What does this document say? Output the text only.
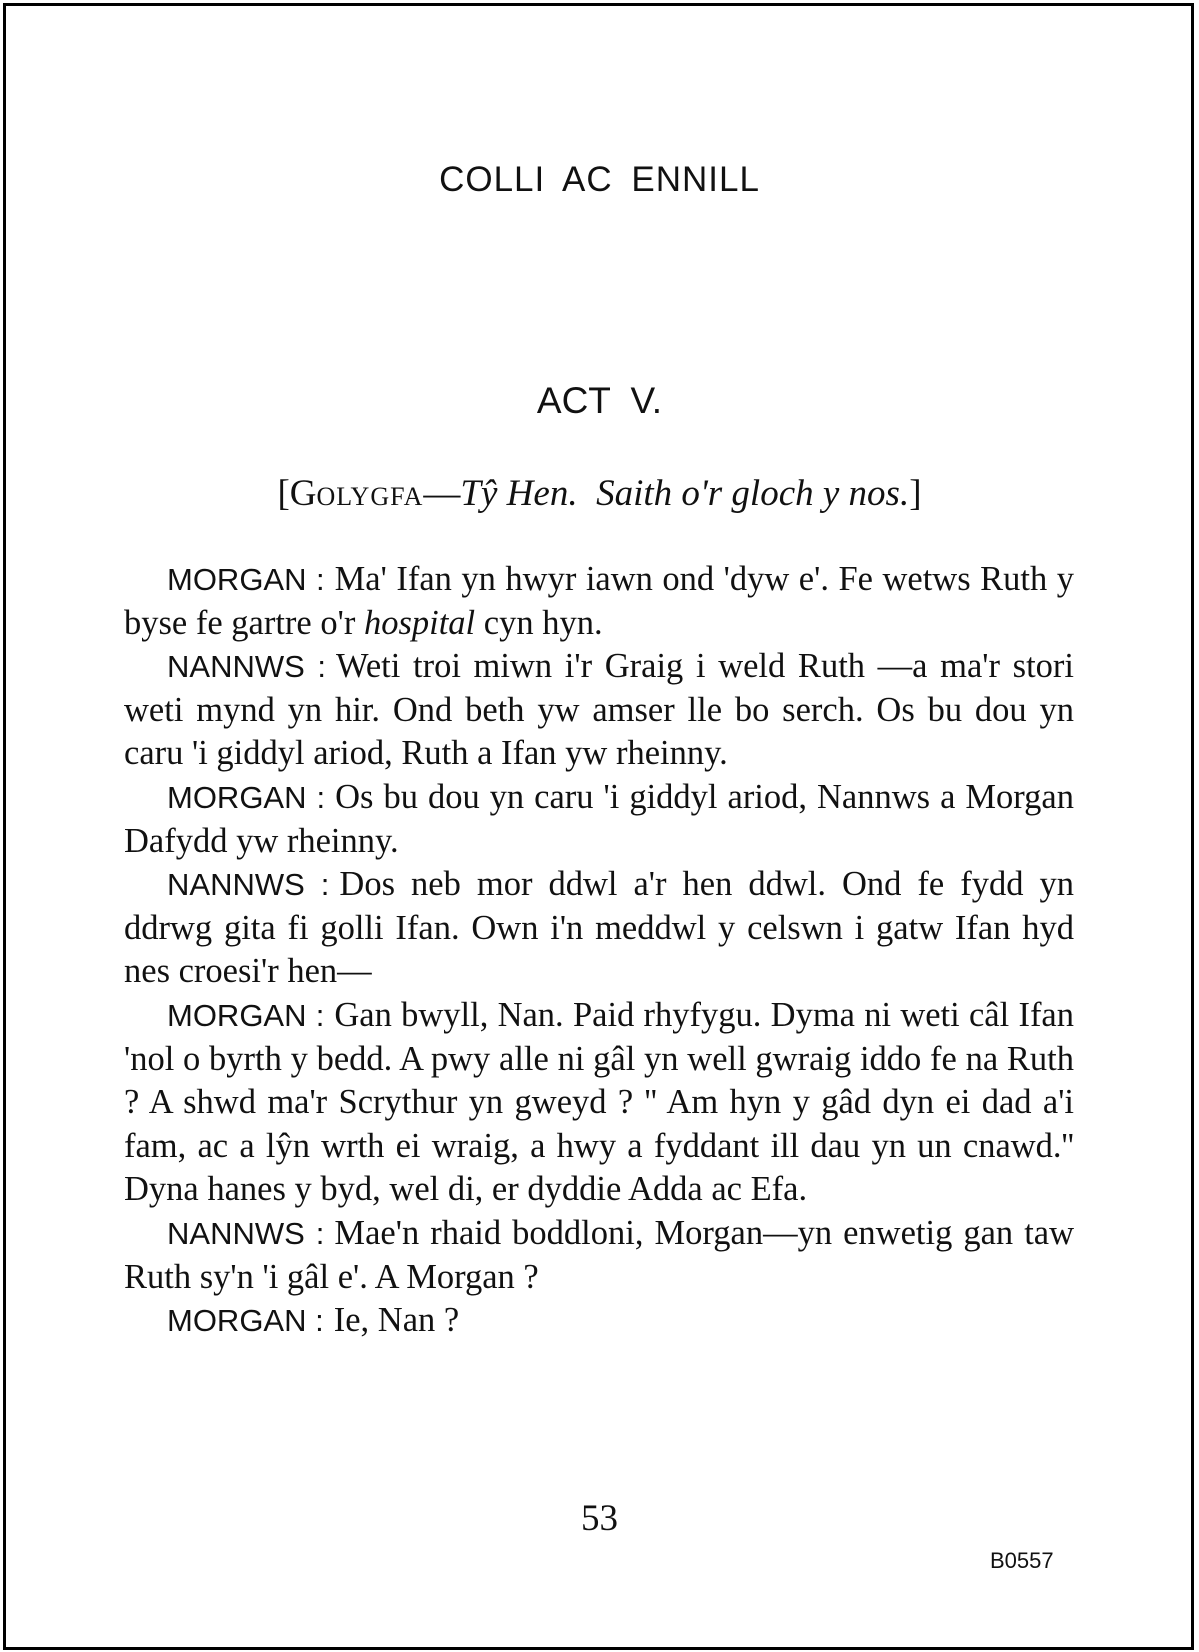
COLLI AC ENNILL
ACT V.
[GOLYGFA—Tŷ Hen.  Saith o'r gloch y nos.]

MORGAN : Ma' Ifan yn hwyr iawn ond 'dyw e'. Fe wetws Ruth y byse fe gartre o'r hospital cyn hyn.

NANNWS : Weti troi miwn i'r Graig i weld Ruth —a ma'r stori weti mynd yn hir. Ond beth yw amser lle bo serch. Os bu dou yn caru 'i giddyl ariod, Ruth a Ifan yw rheinny.

MORGAN : Os bu dou yn caru 'i giddyl ariod, Nannws a Morgan Dafydd yw rheinny.

NANNWS : Dos neb mor ddwl a'r hen ddwl. Ond fe fydd yn ddrwg gita fi golli Ifan. Own i'n meddwl y celswn i gatw Ifan hyd nes croesi'r hen—

MORGAN : Gan bwyll, Nan. Paid rhyfygu. Dyma ni weti câl Ifan 'nol o byrth y bedd. A pwy alle ni gâl yn well gwraig iddo fe na Ruth ? A shwd ma'r Scrythur yn gweyd ? '' Am hyn y gâd dyn ei dad a'i fam, ac a lŷn wrth ei wraig, a hwy a fyddant ill dau yn un cnawd.'' Dyna hanes y byd, wel di, er dyddie Adda ac Efa.

NANNWS : Mae'n rhaid boddloni, Morgan—yn enwetig gan taw Ruth sy'n 'i gâl e'. A Morgan ?

MORGAN : Ie, Nan ?

53
B0557
